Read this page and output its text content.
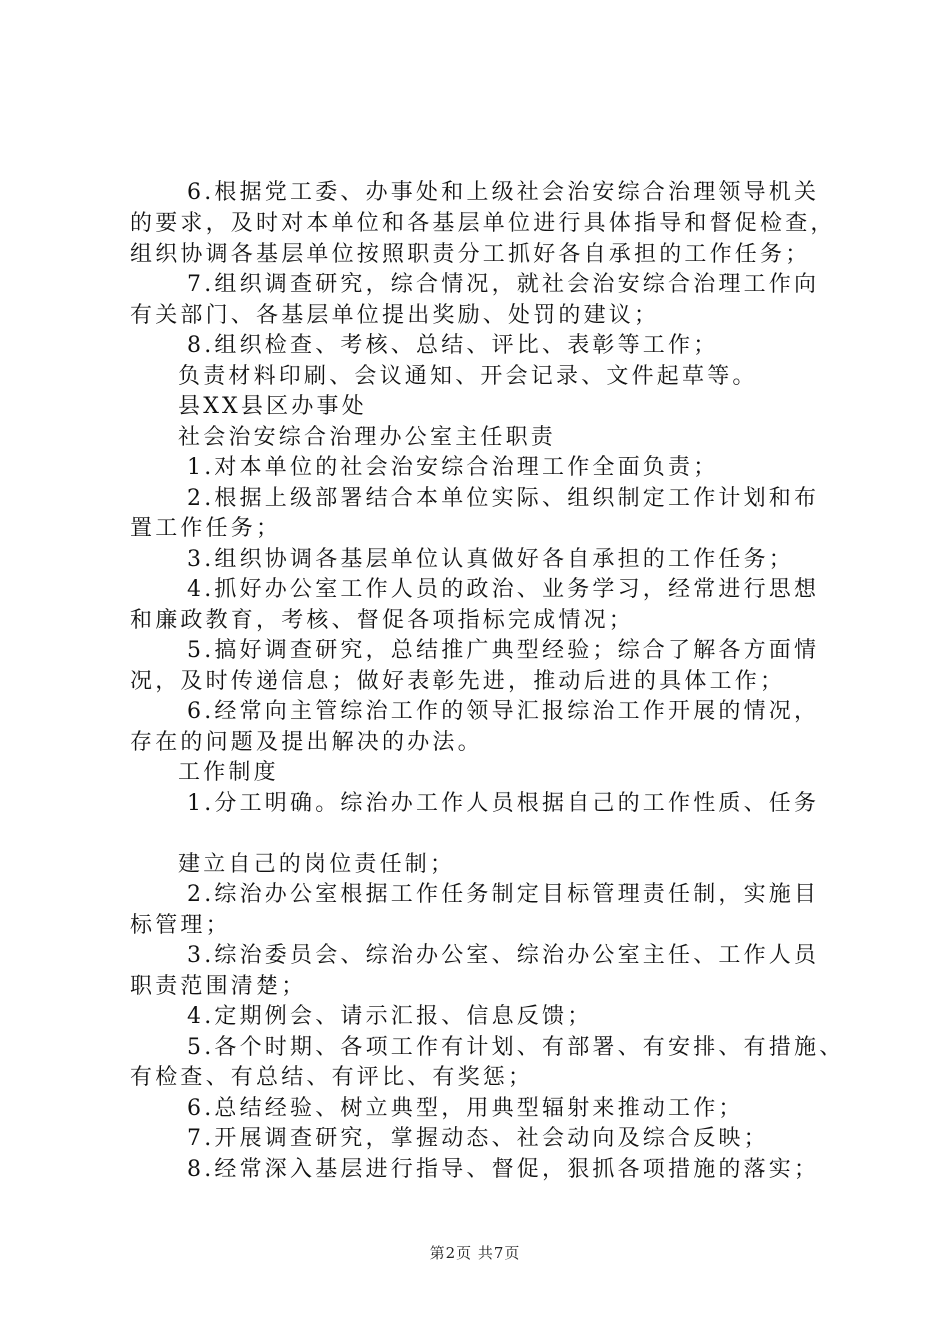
6.根据党工委、办事处和上级社会治安综合治理领导机关
的要求，及时对本单位和各基层单位进行具体指导和督促检查，
组织协调各基层单位按照职责分工抓好各自承担的工作任务；
7.组织调查研究，综合情况，就社会治安综合治理工作向
有关部门、各基层单位提出奖励、处罚的建议；
8.组织检查、考核、总结、评比、表彰等工作；
负责材料印刷、会议通知、开会记录、文件起草等。
县XX县区办事处
社会治安综合治理办公室主任职责
1.对本单位的社会治安综合治理工作全面负责；
2.根据上级部署结合本单位实际、组织制定工作计划和布
置工作任务；
3.组织协调各基层单位认真做好各自承担的工作任务；
4.抓好办公室工作人员的政治、业务学习，经常进行思想
和廉政教育，考核、督促各项指标完成情况；
5.搞好调查研究，总结推广典型经验；综合了解各方面情
况，及时传递信息；做好表彰先进，推动后进的具体工作；
6.经常向主管综治工作的领导汇报综治工作开展的情况，
存在的问题及提出解决的办法。
工作制度
1.分工明确。综治办工作人员根据自己的工作性质、任务
建立自己的岗位责任制；
2.综治办公室根据工作任务制定目标管理责任制，实施目
标管理；
3.综治委员会、综治办公室、综治办公室主任、工作人员
职责范围清楚；
4.定期例会、请示汇报、信息反馈；
5.各个时期、各项工作有计划、有部署、有安排、有措施、
有检查、有总结、有评比、有奖惩；
6.总结经验、树立典型，用典型辐射来推动工作；
7.开展调查研究，掌握动态、社会动向及综合反映；
8.经常深入基层进行指导、督促，狠抓各项措施的落实；
第2页 共7页
